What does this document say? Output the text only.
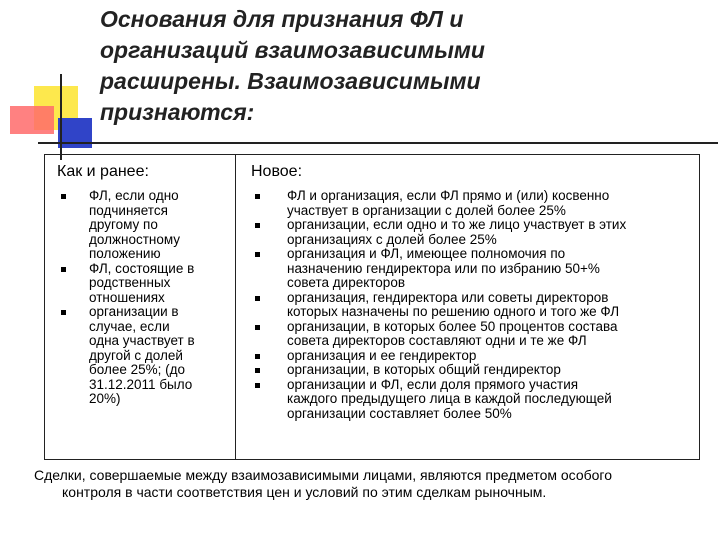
Основания для признания ФЛ и
организаций взаимозависимыми
расширены. Взаимозависимыми
признаются:
Как и ранее:	Новое:
ФЛ, если одно
подчиняется
другому по
должностному
положению
ФЛ, состоящие в
родственных
отношениях
организации в
случае, если
одна участвует в
другой с долей
более 25%; (до
31.12.2011 было
20%)
ФЛ и организация, если ФЛ прямо и (или) косвенно
участвует в организации с долей более 25%
организации, если одно и то же лицо участвует в этих
организациях с долей более 25%
организация и ФЛ, имеющее полномочия по
назначению гендиректора или по избранию 50+%
совета директоров
организация, гендиректора или советы директоров
которых назначены по решению одного и того же ФЛ
организации, в которых более 50 процентов состава
совета директоров составляют одни и те же ФЛ
организация и ее гендиректор
организации, в которых общий гендиректор
организации и ФЛ, если доля прямого участия
каждого предыдущего лица в каждой последующей
организации составляет более 50%
Сделки, совершаемые между взаимозависимыми лицами, являются предметом особого
контроля в части соответствия цен и условий по этим сделкам рыночным.
